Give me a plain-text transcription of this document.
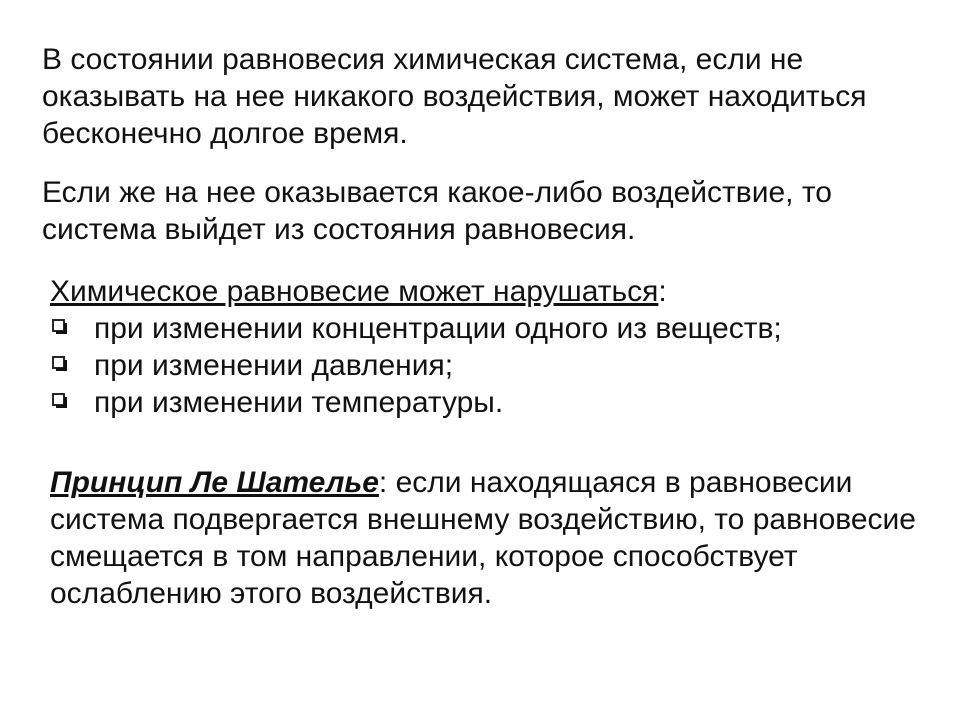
В состоянии равновесия химическая система, если не оказывать на нее никакого воздействия, может находиться бесконечно долгое время.

Если же на нее оказывается какое-либо воздействие, то система выйдет из состояния равновесия.

Химическое равновесие может нарушаться:
при изменении концентрации одного из веществ;
при изменении давления;
при изменении температуры.

Принцип Ле Шателье: если находящаяся в равновесии система подвергается внешнему воздействию, то равновесие смещается в том направлении, которое способствует ослаблению этого воздействия.
